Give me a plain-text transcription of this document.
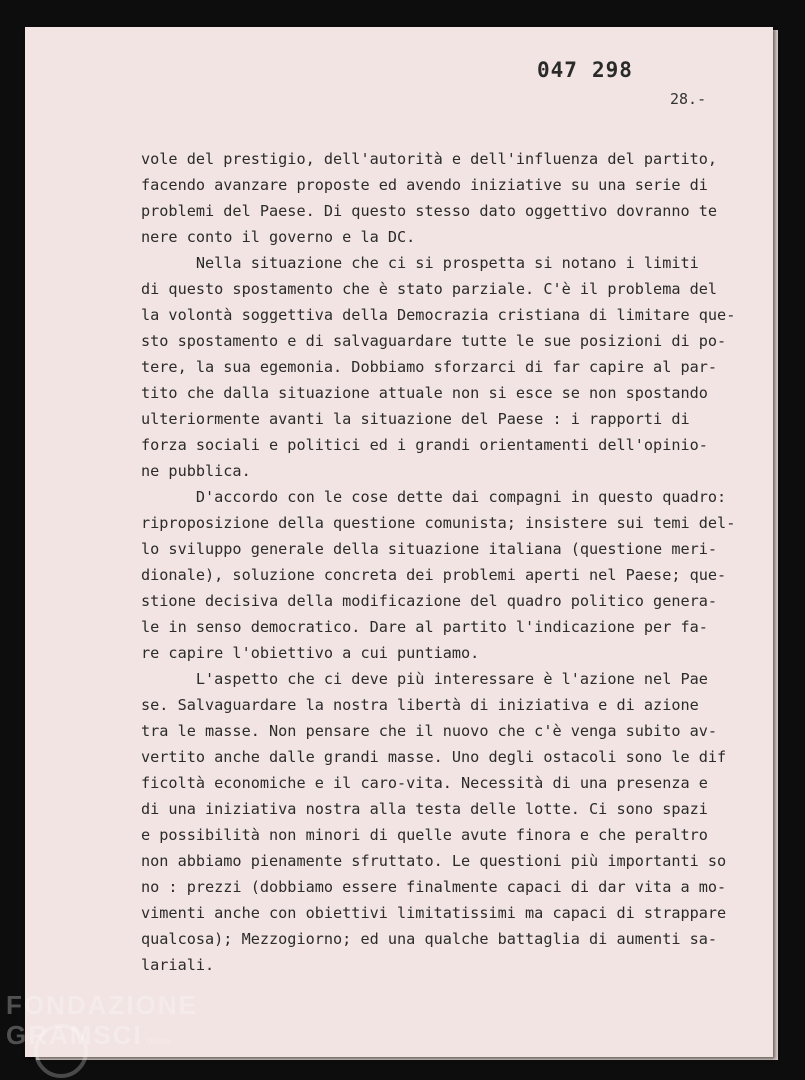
047 298
28.-
vole del prestigio, dell'autorità e dell'influenza del partito,
facendo avanzare proposte ed avendo iniziative su una serie di
problemi del Paese. Di questo stesso dato oggettivo dovranno te
nere conto il governo e la DC.
Nella situazione che ci si prospetta si notano i limiti
di questo spostamento che è stato parziale. C'è il problema del
la volontà soggettiva della Democrazia cristiana di limitare que-
sto spostamento e di salvaguardare tutte le sue posizioni di po-
tere, la sua egemonia. Dobbiamo sforzarci di far capire al par-
tito che dalla situazione attuale non si esce se non spostando
ulteriormente avanti la situazione del Paese : i rapporti di
forza sociali e politici ed i grandi orientamenti dell'opinio-
ne pubblica.
D'accordo con le cose dette dai compagni in questo quadro:
riproposizione della questione comunista; insistere sui temi del-
lo sviluppo generale della situazione italiana (questione meri-
dionale), soluzione concreta dei problemi aperti nel Paese; que-
stione decisiva della modificazione del quadro politico genera-
le in senso democratico. Dare al partito l'indicazione per fa-
re capire l'obiettivo a cui puntiamo.
L'aspetto che ci deve più interessare è l'azione nel Pae
se. Salvaguardare la nostra libertà di iniziativa e di azione
tra le masse. Non pensare che il nuovo che c'è venga subito av-
vertito anche dalle grandi masse. Uno degli ostacoli sono le dif
ficoltà economiche e il caro-vita. Necessità di una presenza e
di una iniziativa nostra alla testa delle lotte. Ci sono spazi
e possibilità non minori di quelle avute finora e che peraltro
non abbiamo pienamente sfruttato. Le questioni più importanti so
no : prezzi (dobbiamo essere finalmente capaci di dar vita a mo-
vimenti anche con obiettivi limitatissimi ma capaci di strappare
qualcosa); Mezzogiorno; ed una qualche battaglia di aumenti sa-
lariali.
FONDAZIONE
GRAMSCI onlus
